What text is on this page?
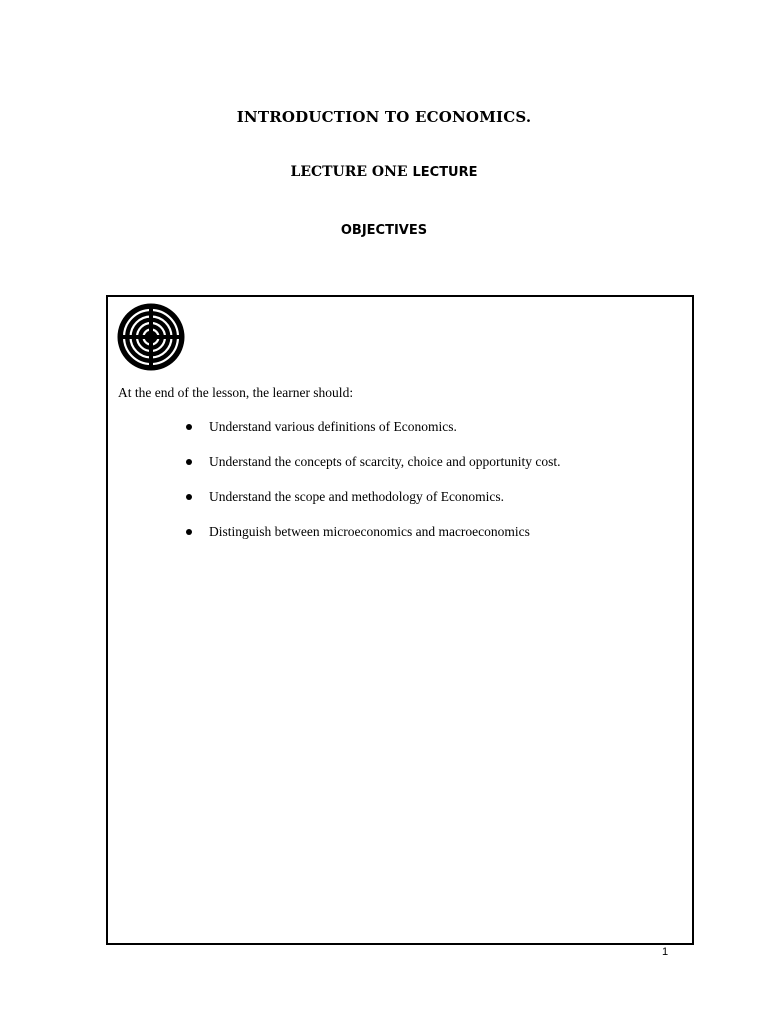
INTRODUCTION TO ECONOMICS.
LECTURE ONE LECTURE
OBJECTIVES
At the end of the lesson, the learner should:
Understand various definitions of Economics.
Understand the concepts of scarcity, choice and opportunity cost.
Understand the scope and methodology of Economics.
Distinguish between microeconomics and macroeconomics
1
